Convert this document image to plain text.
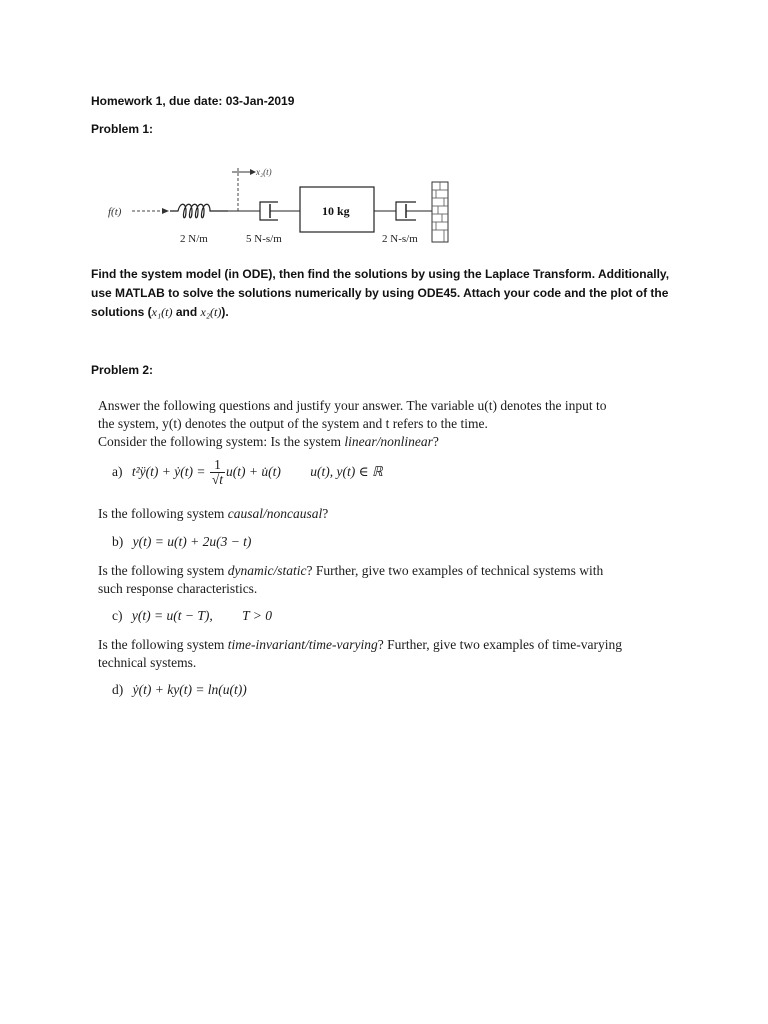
Homework 1, due date: 03-Jan-2019
Problem 1:
f(t)
2 N/m
x₂(t)
5 N-s/m
10 kg
2 N-s/m
Find the system model (in ODE), then find the solutions by using the Laplace Transform. Additionally, use MATLAB to solve the solutions numerically by using ODE45. Attach your code and the plot of the solutions (x₁(t) and x₂(t)).
Problem 2:
Answer the following questions and justify your answer. The variable u(t) denotes the input to
the system, y(t) denotes the output of the system and t refers to the time.
Consider the following system: Is the system linear/nonlinear?
a) t²ÿ(t) + ẏ(t) = $\frac{1}{√t} u(t)$ + u̇(t) u(t), y(t) ∈ ℝ
Is the following system causal/noncausal?
b) y(t) = u(t) + 2u(3 − t)
Is the following system dynamic/static? Further, give two examples of technical systems with
such response characteristics.
c) y(t) = u(t − T), T > 0
Is the following system time-invariant/time-varying? Further, give two examples of time-varying
technical systems.
d) ẏ(t) + ky(t) = ln(u(t))
